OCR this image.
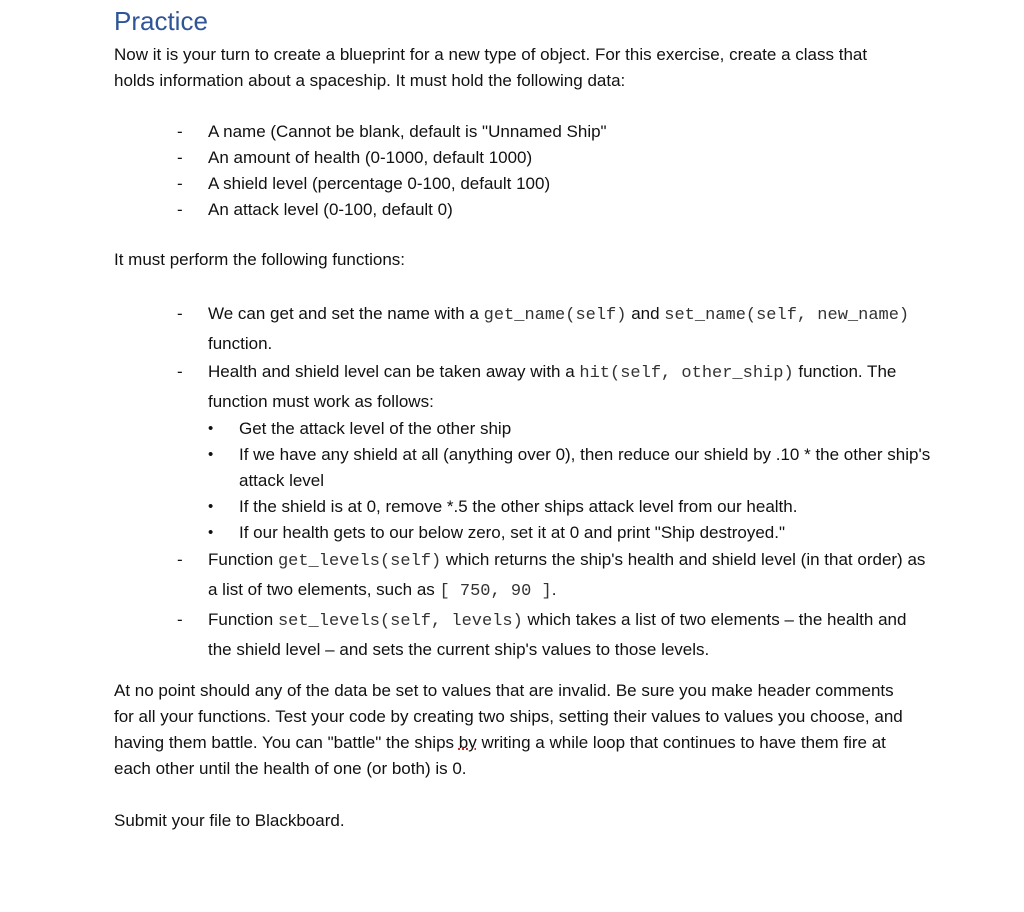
Practice

Now it is your turn to create a blueprint for a new type of object. For this exercise, create a class that holds information about a spaceship. It must hold the following data:

-	A name (Cannot be blank, default is "Unnamed Ship"
-	An amount of health (0-1000, default 1000)
-	A shield level (percentage 0-100, default 100)
-	An attack level (0-100, default 0)
It must perform the following functions:
-	We can get and set the name with a get_name(self) and set_name(self, new_name) function.
-	Health and shield level can be taken away with a hit(self, other_ship) function. The function must work as follows:
•	Get the attack level of the other ship
•	If we have any shield at all (anything over 0), then reduce our shield by .10 * the other ship's attack level
•	If the shield is at 0, remove *.5 the other ships attack level from our health.
•	If our health gets to our below zero, set it at 0 and print "Ship destroyed."
-	Function get_levels(self) which returns the ship's health and shield level (in that order) as a list of two elements, such as [ 750, 90 ].
-	Function set_levels(self, levels) which takes a list of two elements – the health and the shield level – and sets the current ship's values to those levels.

At no point should any of the data be set to values that are invalid. Be sure you make header comments for all your functions. Test your code by creating two ships, setting their values to values you choose, and having them battle. You can "battle" the ships by writing a while loop that continues to have them fire at each other until the health of one (or both) is 0.

Submit your file to Blackboard.
